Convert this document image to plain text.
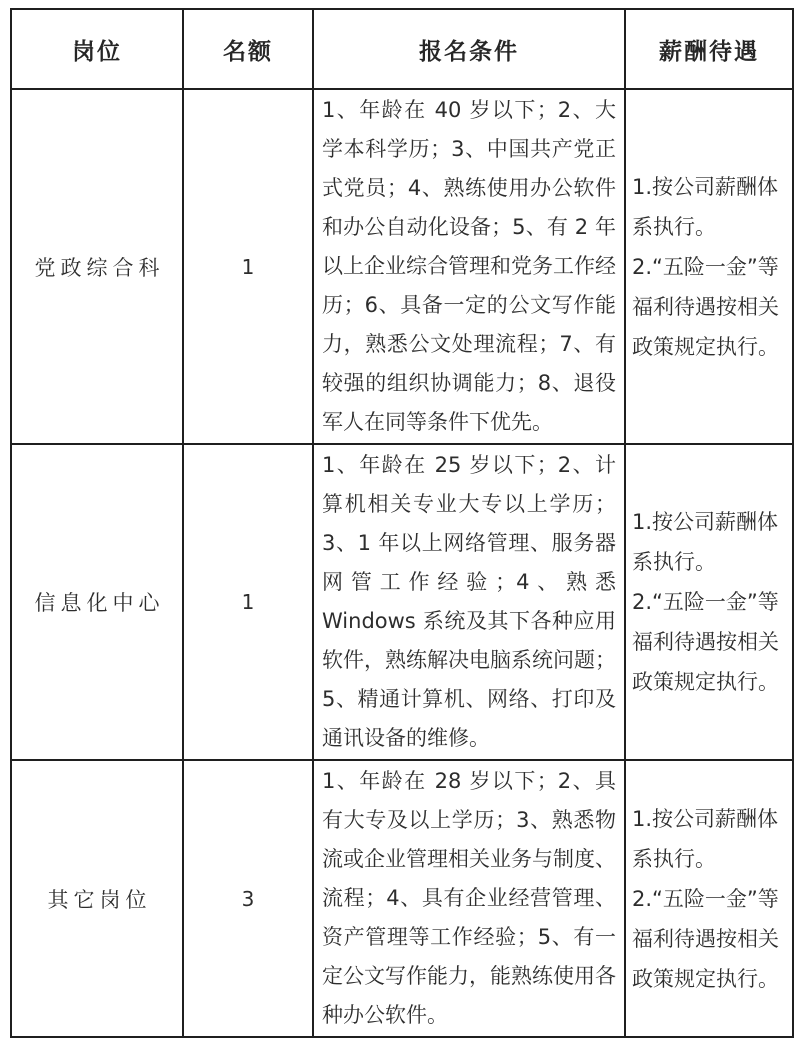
岗位	名额	报名条件	薪酬待遇
党政综合科	1	1、年龄在 40 岁以下；2、大学本科学历；3、中国共产党正式党员；4、熟练使用办公软件和办公自动化设备；5、有 2 年以上企业综合管理和党务工作经历；6、具备一定的公文写作能力，熟悉公文处理流程；7、有较强的组织协调能力；8、退役军人在同等条件下优先。	1.按公司薪酬体系执行。

2.“五险一金”等福利待遇按相关政策规定执行。

信息化中心	1	1、年龄在 25 岁以下；2、计算机相关专业大专以上学历；3、1 年以上网络管理、服务器网管工作经验；4、熟悉 Windows 系统及其下各种应用软件，熟练解决电脑系统问题；5、精通计算机、网络、打印及通讯设备的维修。	1.按公司薪酬体系执行。

2.“五险一金”等福利待遇按相关政策规定执行。

其它岗位	3	1、年龄在 28 岁以下；2、具有大专及以上学历；3、熟悉物流或企业管理相关业务与制度、流程；4、具有企业经营管理、资产管理等工作经验；5、有一定公文写作能力，能熟练使用各种办公软件。	1.按公司薪酬体系执行。

2.“五险一金”等福利待遇按相关政策规定执行。
